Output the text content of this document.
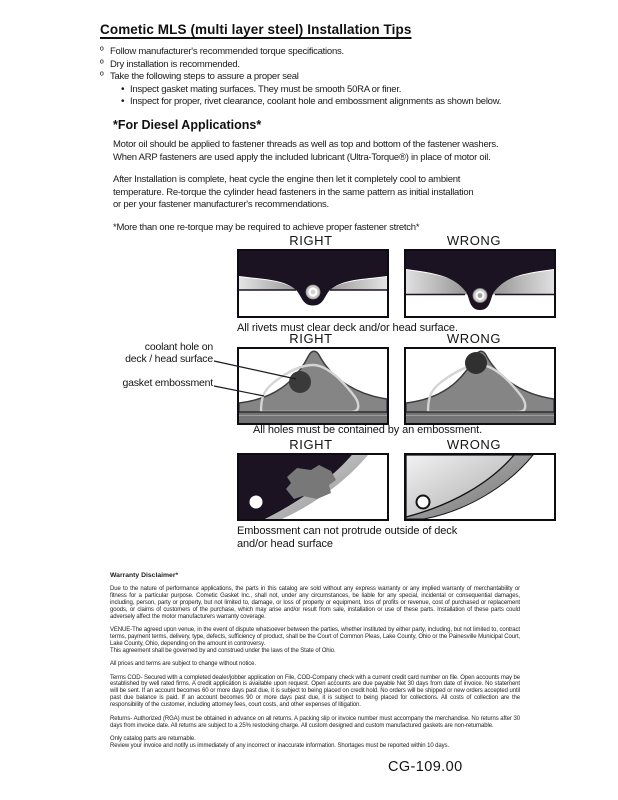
Cometic MLS (multi layer steel) Installation Tips
º Follow manufacturer's recommended torque specifications.
º Dry installation is recommended.
º Take the following steps to assure a proper seal
• Inspect gasket mating surfaces. They must be smooth 50RA or finer.
• Inspect for proper, rivet clearance, coolant hole and embossment alignments as shown below.
*For Diesel Applications*
Motor oil should be applied to fastener threads as well as top and bottom of the fastener washers.
When ARP fasteners are used apply the included lubricant (Ultra-Torque®) in place of motor oil.
After Installation is complete, heat cycle the engine then let it completely cool to ambient
temperature. Re-torque the cylinder head fasteners in the same pattern as initial installation
or per your fastener manufacturer's recommendations.
*More than one re-torque may be required to achieve proper fastener stretch*
RIGHT	WRONG
All rivets must clear deck and/or head surface.
coolant hole on
deck / head surface
gasket embossment
RIGHT	WRONG
All holes must be contained by an embossment.
RIGHT	WRONG
Embossment can not protrude outside of deck
and/or head surface
Warranty Disclaimer*

Due to the nature of performance applications, the parts in this catalog are sold without any express warranty or any implied warranty of merchantability or fitness for a particular purpose. Cometic Gasket Inc., shall not, under any circumstances, be liable for any special, incidental or consequential damages, including, person, party or property, but not limited to, damage, or loss of property or equipment, loss of profits or revenue, cost of purchased or replacement goods, or claims of customers of the purchase, which may arise and/or result from sale, installation or use of these parts. Installation of these parts could adversely affect the motor manufacturers warranty coverage.

VENUE-The agreed upon venue, in the event of dispute whatsoever between the parties, whether instituted by either party, including, but not limited to, contract terms, payment terms, delivery, type, defects, sufficiency of product, shall be the Court of Common Pleas, Lake County, Ohio or the Painesville Municipal Court, Lake County, Ohio, depending on the amount in controversy.

This agreement shall be governed by and construed under the laws of the State of Ohio.

All prices and terms are subject to change without notice.

Terms COD- Secured with a completed dealer/jobber application on File, COD-Company check with a current credit card number on file. Open accounts may be established by well rated firms. A credit application is available upon request. Open accounts are due payable Net 30 days from date of invoice. No statement will be sent. If an account becomes 60 or more days past due, it is subject to being placed on credit hold. No orders will be shipped or new orders accepted until past due balance is paid. If an account becomes 90 or more days past due, it is subject to being placed for collections. All costs of collection are the responsibility of the customer, including attorney fees, court costs, and other expenses of litigation.

Returns- Authorized (RGA) must be obtained in advance on all returns. A packing slip or invoice number must accompany the merchandise. No returns after 30 days from invoice date. All returns are subject to a 25% restocking charge. All custom designed and custom manufactured gaskets are non-returnable.

Only catalog parts are returnable.

Review your invoice and notify us immediately of any incorrect or inaccurate information. Shortages must be reported within 10 days.

CG-109.00
